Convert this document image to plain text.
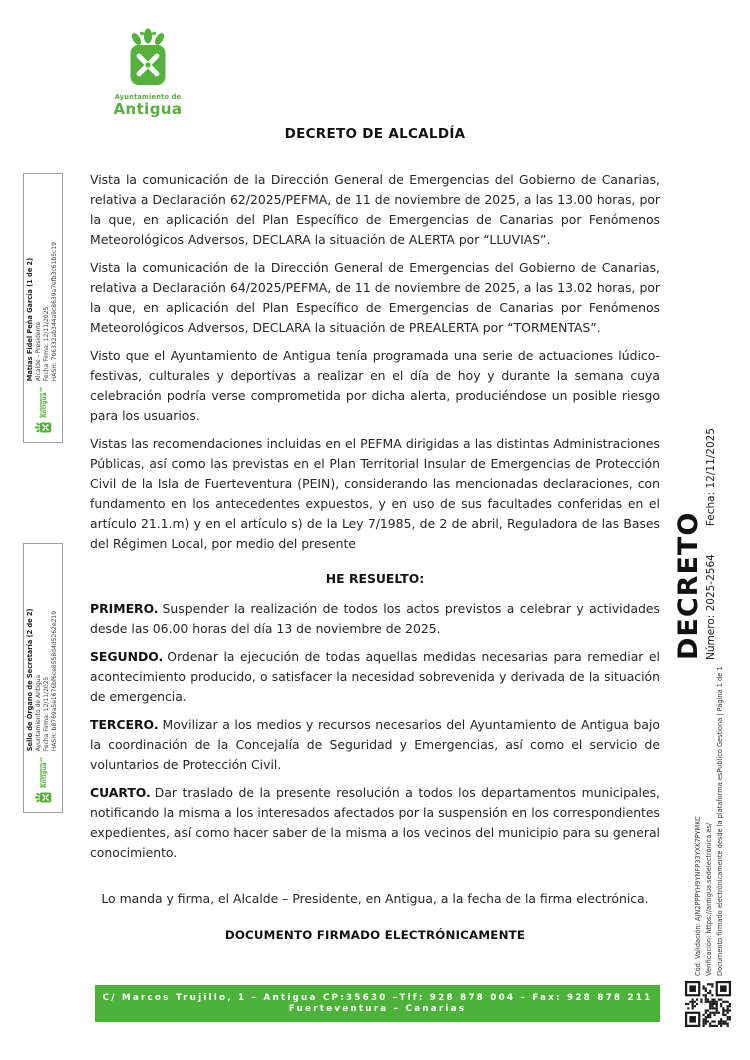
Ayuntamiento de
Antigua
DECRETO DE ALCALDÍA

Vista la comunicación de la Dirección General de Emergencias del Gobierno de Canarias, relativa a Declaración 62/2025/PEFMA, de 11 de noviembre de 2025, a las 13.00 horas, por la que, en aplicación del Plan Específico de Emergencias de Canarias por Fenómenos Meteorológicos Adversos, DECLARA la situación de ALERTA por “LLUVIAS”.

Vista la comunicación de la Dirección General de Emergencias del Gobierno de Canarias, relativa a Declaración 64/2025/PEFMA, de 11 de noviembre de 2025, a las 13.02 horas, por la que, en aplicación del Plan Específico de Emergencias de Canarias por Fenómenos Meteorológicos Adversos, DECLARA la situación de PREALERTA por “TORMENTAS”.

Visto que el Ayuntamiento de Antigua tenía programada una serie de actuaciones lúdico-festivas, culturales y deportivas a realizar en el día de hoy y durante la semana cuya celebración podría verse comprometida por dicha alerta, produciéndose un posible riesgo para los usuarios.

Vistas las recomendaciones incluidas en el PEFMA dirigidas a las distintas Administraciones Públicas, así como las previstas en el Plan Territorial Insular de Emergencias de Protección Civil de la Isla de Fuerteventura (PEIN), considerando las mencionadas declaraciones, con fundamento en los antecedentes expuestos, y en uso de sus facultades conferidas en el artículo 21.1.m) y en el artículo s) de la Ley 7/1985, de 2 de abril, Reguladora de las Bases del Régimen Local, por medio del presente

HE RESUELTO:

PRIMERO. Suspender la realización de todos los actos previstos a celebrar y actividades desde las 06.00 horas del día 13 de noviembre de 2025.

SEGUNDO. Ordenar la ejecución de todas aquellas medidas necesarias para remediar el acontecimiento producido, o satisfacer la necesidad sobrevenida y derivada de la situación de emergencia.

TERCERO. Movilizar a los medios y recursos necesarios del Ayuntamiento de Antigua bajo la coordinación de la Concejalía de Seguridad y Emergencias, así como el servicio de voluntarios de Protección Civil.

CUARTO. Dar traslado de la presente resolución a todos los departamentos municipales, notificando la misma a los interesados afectados por la suspensión en los correspondientes expedientes, así como hacer saber de la misma a los vecinos del municipio para su general conocimiento.

Lo manda y firma, el Alcalde – Presidente, en Antigua, a la fecha de la firma electrónica.
DOCUMENTO FIRMADO ELECTRÓNICAMENTE
DECRETO Número: 2025-2564Fecha: 12/11/2025
Cód. Validación: AJN2PPPYH9YNFP33YXK7PYMKC Verificación: https://antigua.sedelectronica.es/ Documento firmado electrónicamente desde la plataforma esPublico Gestiona | Página 1 de 1
Ayuntamiento de Antigua
Matías Fidel Peña García (1 de 2) Alcalde - Presidente Fecha Firma: 12/11/2025 HASH: 706332ab344a9c8639a7efb3c61b5c19
Ayuntamiento de Antigua
Sello de Órgano de Secretaría (2 de 2) Ayuntamiento de Antigua Fecha Firma: 12/11/2025 HASH: b8769a5e1676bf6ce8558d4d5262e219
C/ Marcos Trujillo, 1 – Antigua CP:35630 –Tlf: 928 878 004 – Fax: 928 878 211
Fuerteventura – Canarias
